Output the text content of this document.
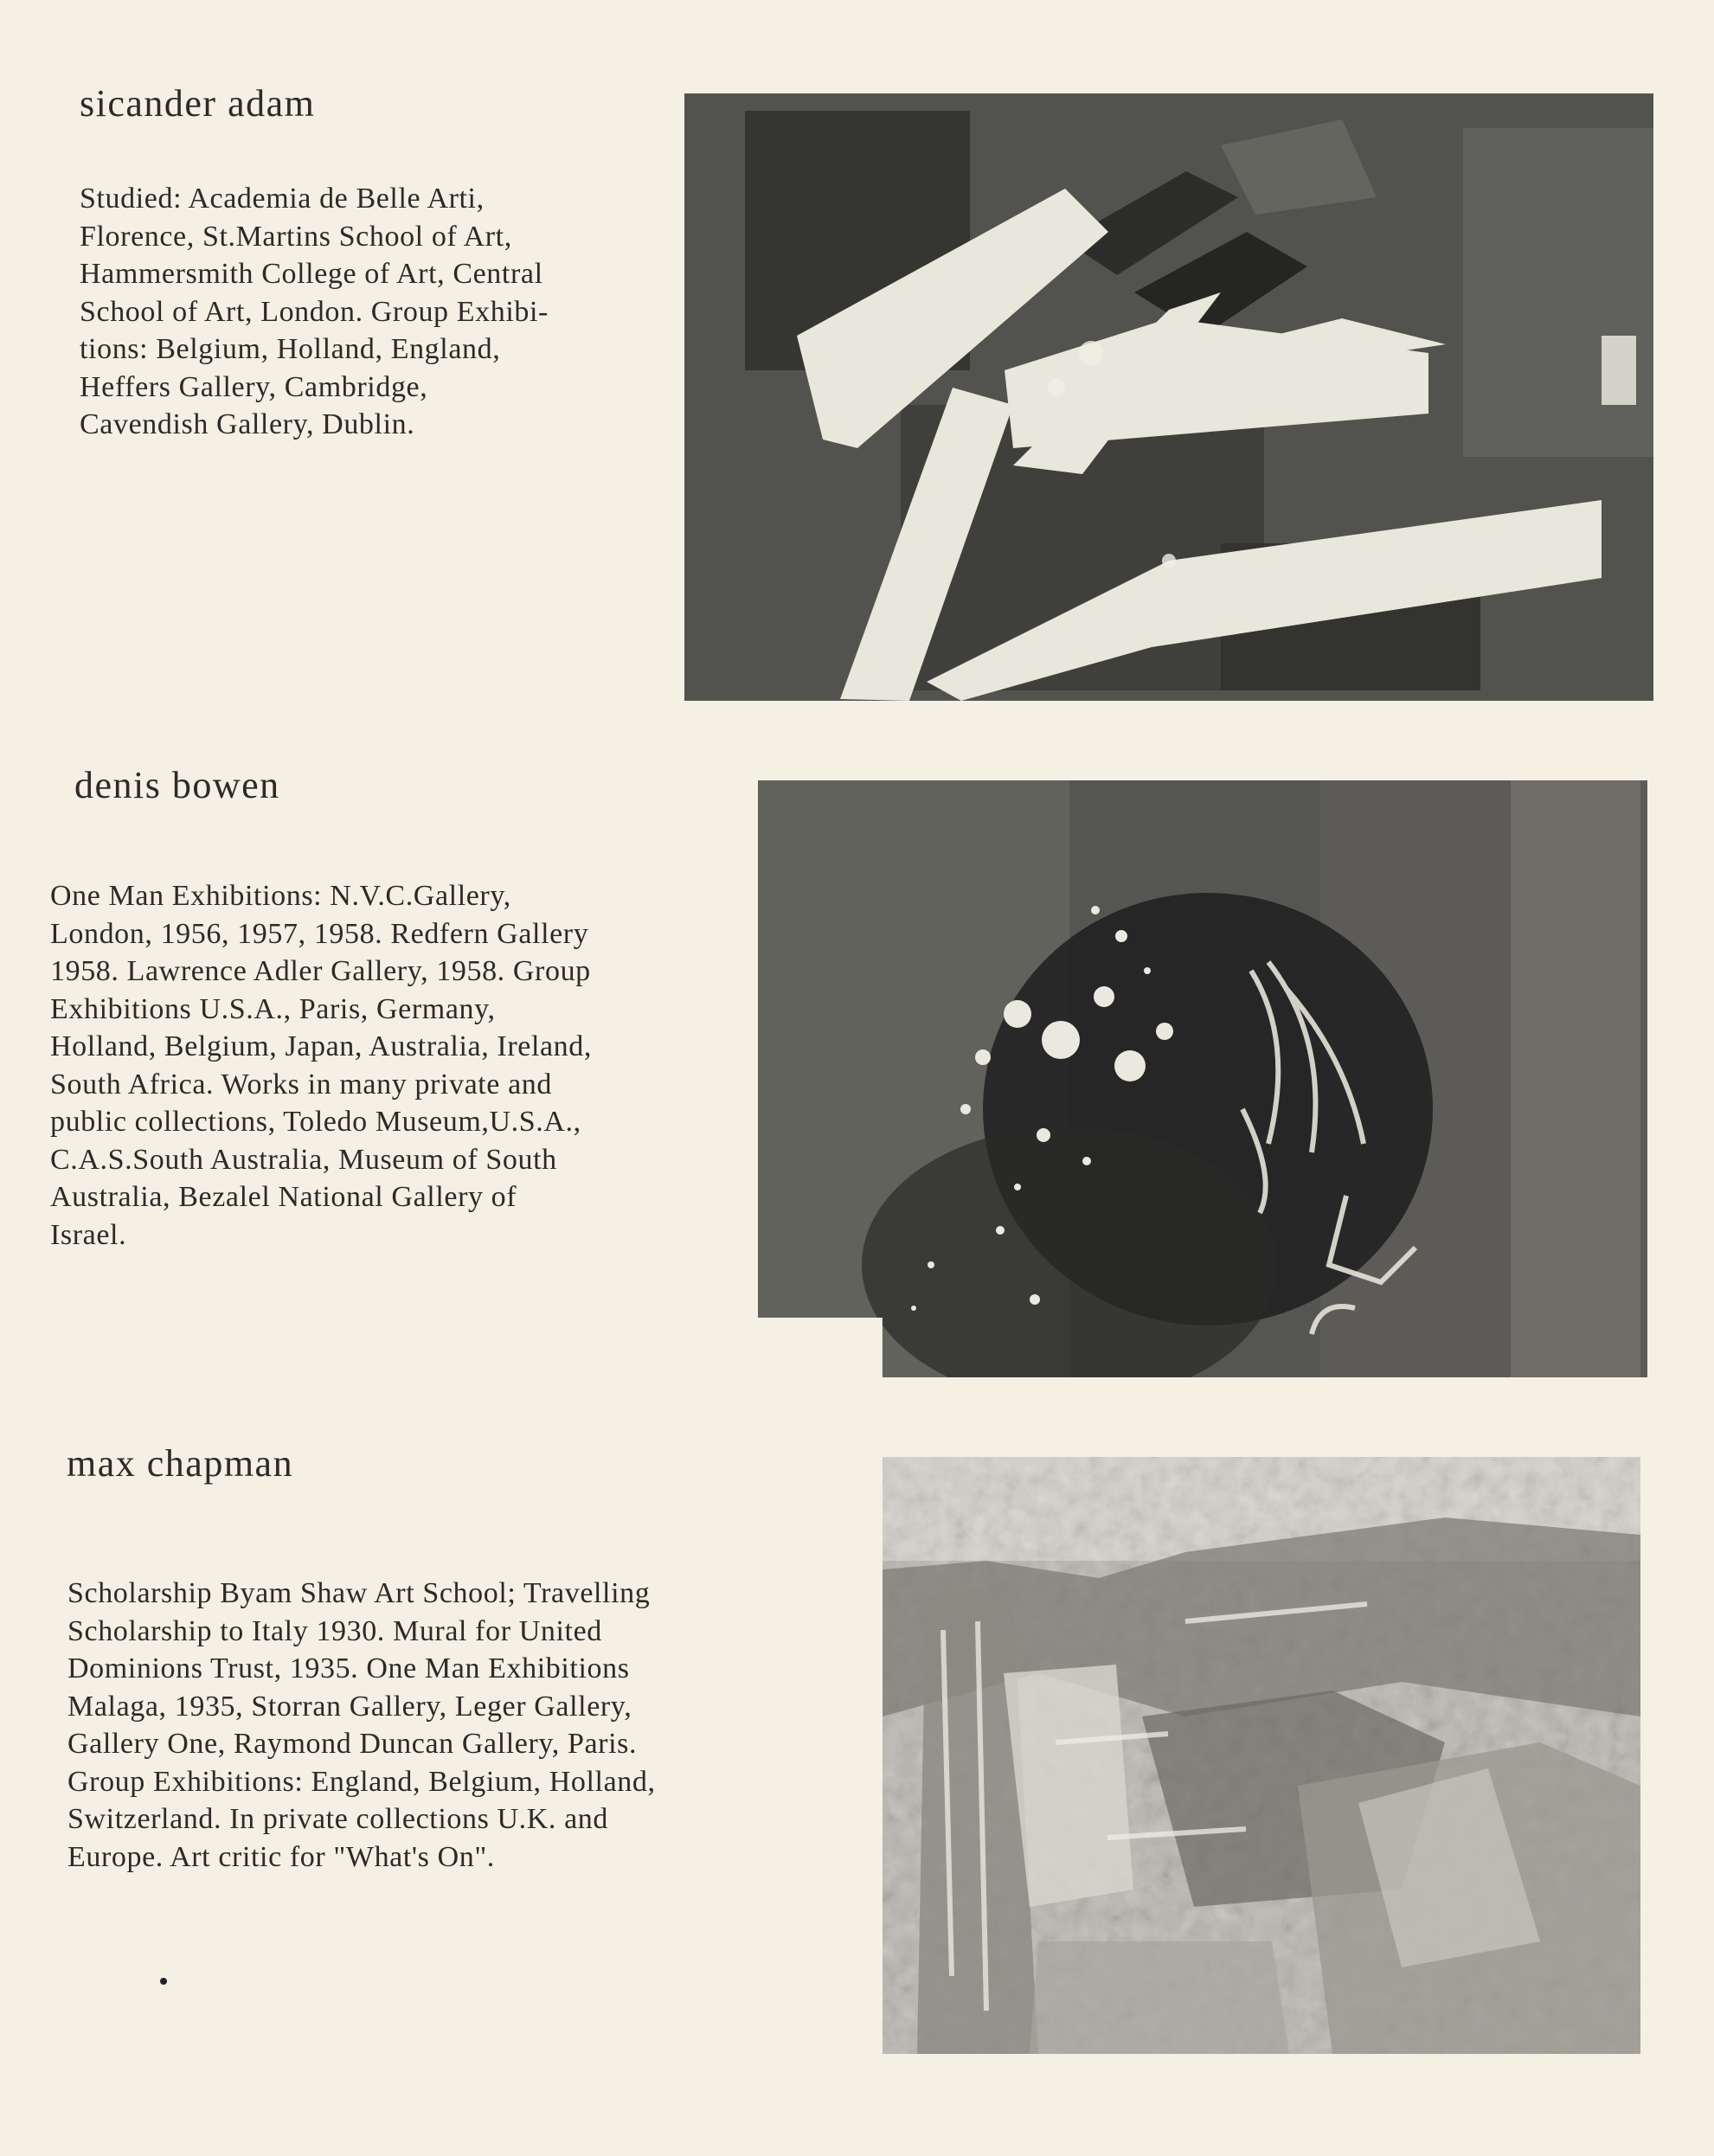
sicander adam

Studied: Academia de Belle Arti,
Florence, St.Martins School of Art,
Hammersmith College of Art, Central
School of Art, London. Group Exhibi-
tions: Belgium, Holland, England,
Heffers Gallery, Cambridge,
Cavendish Gallery, Dublin.

denis bowen

One Man Exhibitions: N.V.C.Gallery,
London, 1956, 1957, 1958. Redfern Gallery
1958. Lawrence Adler Gallery, 1958. Group
Exhibitions U.S.A., Paris, Germany,
Holland, Belgium, Japan, Australia, Ireland,
South Africa. Works in many private and
public collections, Toledo Museum,U.S.A.,
C.A.S.South Australia, Museum of South
Australia, Bezalel National Gallery of
Israel.

max chapman

Scholarship Byam Shaw Art School; Travelling
Scholarship to Italy 1930. Mural for United
Dominions Trust, 1935. One Man Exhibitions
Malaga, 1935, Storran Gallery, Leger Gallery,
Gallery One, Raymond Duncan Gallery, Paris.
Group Exhibitions: England, Belgium, Holland,
Switzerland. In private collections U.K. and
Europe. Art critic for "What's On".
